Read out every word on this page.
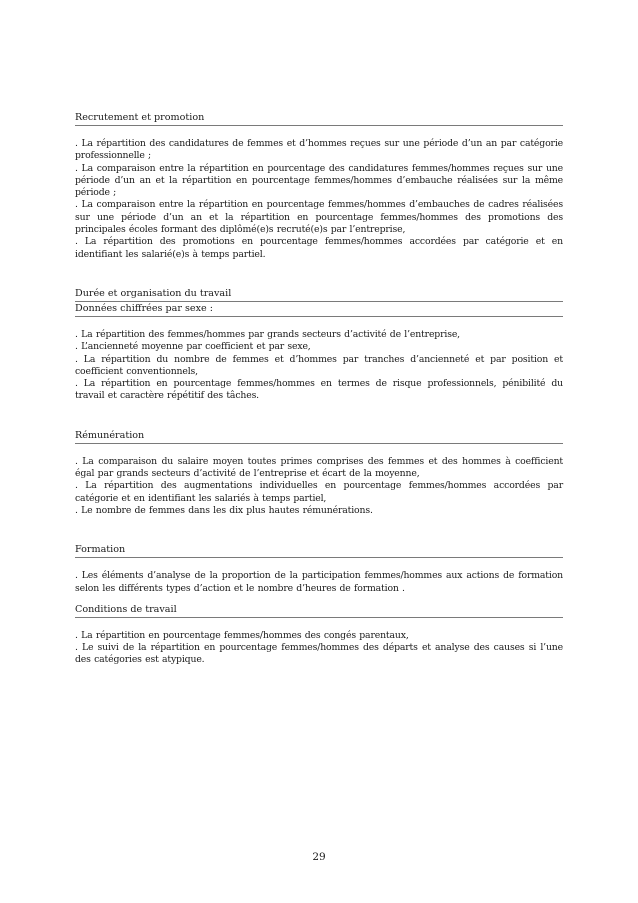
Recrutement et promotion
. La répartition des candidatures de femmes et d’hommes reçues sur une période d’un an par catégorie professionnelle ;
. La comparaison entre la répartition en pourcentage des candidatures femmes/hommes reçues sur une période d’un an et la répartition en pourcentage femmes/hommes d’embauche réalisées sur la même période ;
. La comparaison entre la répartition en pourcentage femmes/hommes d’embauches de cadres réalisées sur une période d’un an et la répartition en pourcentage femmes/hommes des promotions des principales écoles formant des diplômé(e)s recruté(e)s par l’entreprise,
. La répartition des promotions en pourcentage femmes/hommes accordées par catégorie et en identifiant les salarié(e)s à temps partiel.
Durée et organisation du travail
Données chiffrées par sexe :
. La répartition des femmes/hommes par grands secteurs d’activité de l’entreprise,
. L’ancienneté moyenne par coefficient et par sexe,
. La répartition du nombre de femmes et d’hommes par tranches d’ancienneté et par position et coefficient conventionnels,
. La répartition en pourcentage femmes/hommes en termes de risque professionnels, pénibilité du travail et caractère répétitif des tâches.
Rémunération
. La comparaison du salaire moyen toutes primes comprises des femmes et des hommes à coefficient égal par grands secteurs d’activité de l’entreprise et écart de la moyenne,
. La répartition des augmentations individuelles en pourcentage femmes/hommes accordées par catégorie et en identifiant les salariés à temps partiel,
. Le nombre de femmes dans les dix plus hautes rémunérations.
Formation
. Les éléments d’analyse de la proportion de la participation femmes/hommes aux actions de formation selon les différents types d’action et le nombre d’heures de formation .
Conditions de travail
. La répartition en pourcentage femmes/hommes des congés parentaux,
. Le suivi de la répartition en pourcentage femmes/hommes des départs et analyse des causes si l’une des catégories est atypique.
29
